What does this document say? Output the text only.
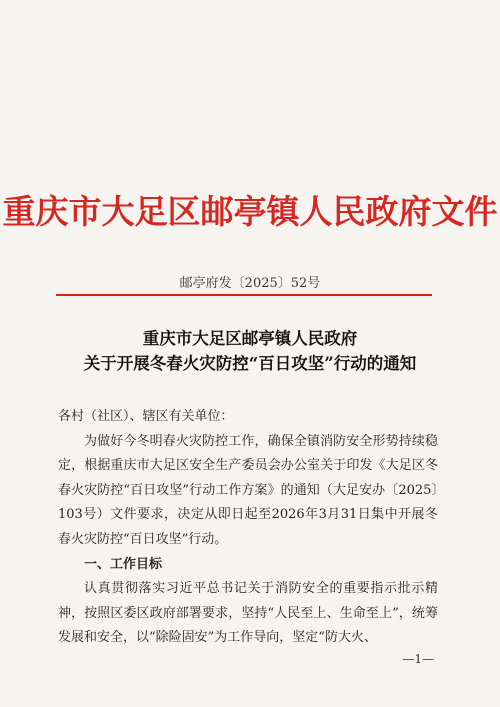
重庆市大足区邮亭镇人民政府文件
邮亭府发〔2025〕52号
重庆市大足区邮亭镇人民政府
关于开展冬春火灾防控“百日攻坚”行动的通知

各村（社区）、辖区有关单位：

为做好今冬明春火灾防控工作，确保全镇消防安全形势持续稳定，根据重庆市大足区安全生产委员会办公室关于印发《大足区冬春火灾防控“百日攻坚”行动工作方案》的通知（大足安办〔2025〕103号）文件要求，决定从即日起至2026年3月31日集中开展冬春火灾防控“百日攻坚”行动。

一、工作目标

认真贯彻落实习近平总书记关于消防安全的重要指示批示精神，按照区委区政府部署要求，坚持“人民至上、生命至上”，统筹发展和安全，以“除险固安”为工作导向，坚定“防大火、

—1—
